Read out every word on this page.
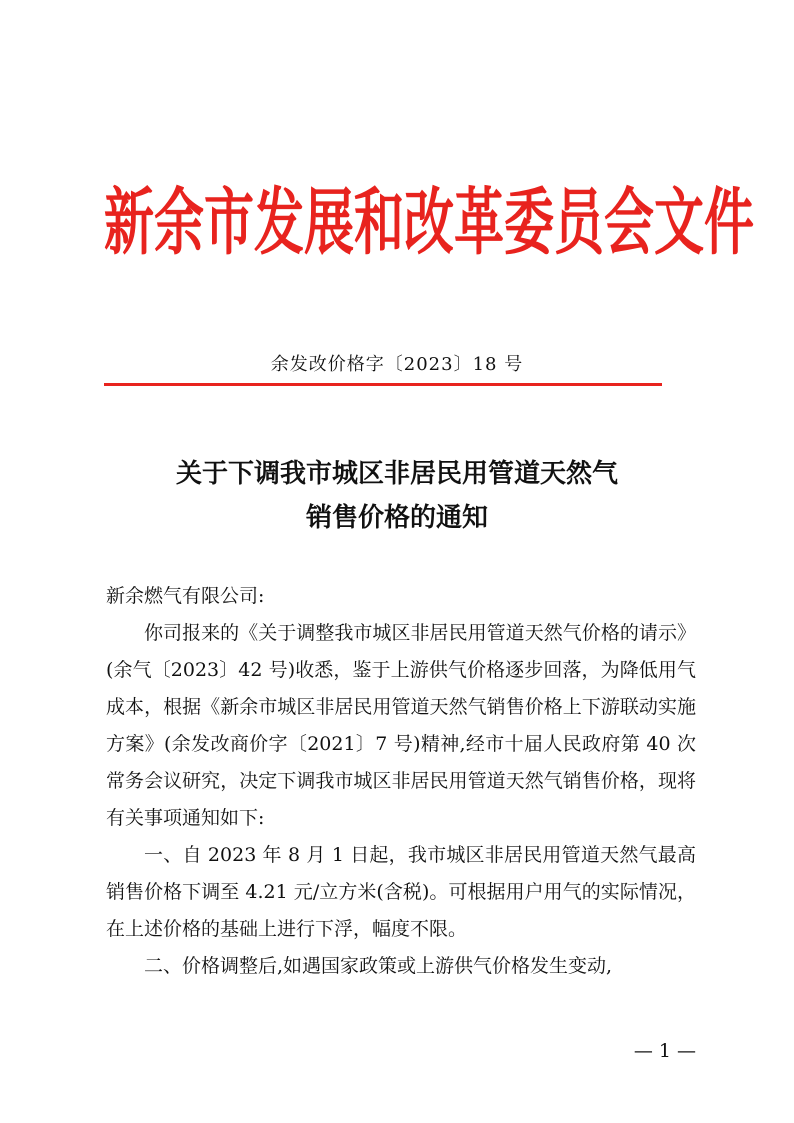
新余市发展和改革委员会文件
余发改价格字〔2023〕18 号
关于下调我市城区非居民用管道天然气
销售价格的通知

新余燃气有限公司:

你司报来的《关于调整我市城区非居民用管道天然气价格的请示》(余气〔2023〕42 号)收悉，鉴于上游供气价格逐步回落，为降低用气成本，根据《新余市城区非居民用管道天然气销售价格上下游联动实施方案》(余发改商价字〔2021〕7 号)精神,经市十届人民政府第 40 次常务会议研究，决定下调我市城区非居民用管道天然气销售价格，现将有关事项通知如下:

一、自 2023 年 8 月 1 日起，我市城区非居民用管道天然气最高销售价格下调至 4.21 元/立方米(含税)。可根据用户用气的实际情况，在上述价格的基础上进行下浮，幅度不限。

二、价格调整后,如遇国家政策或上游供气价格发生变动,

— 1 —
